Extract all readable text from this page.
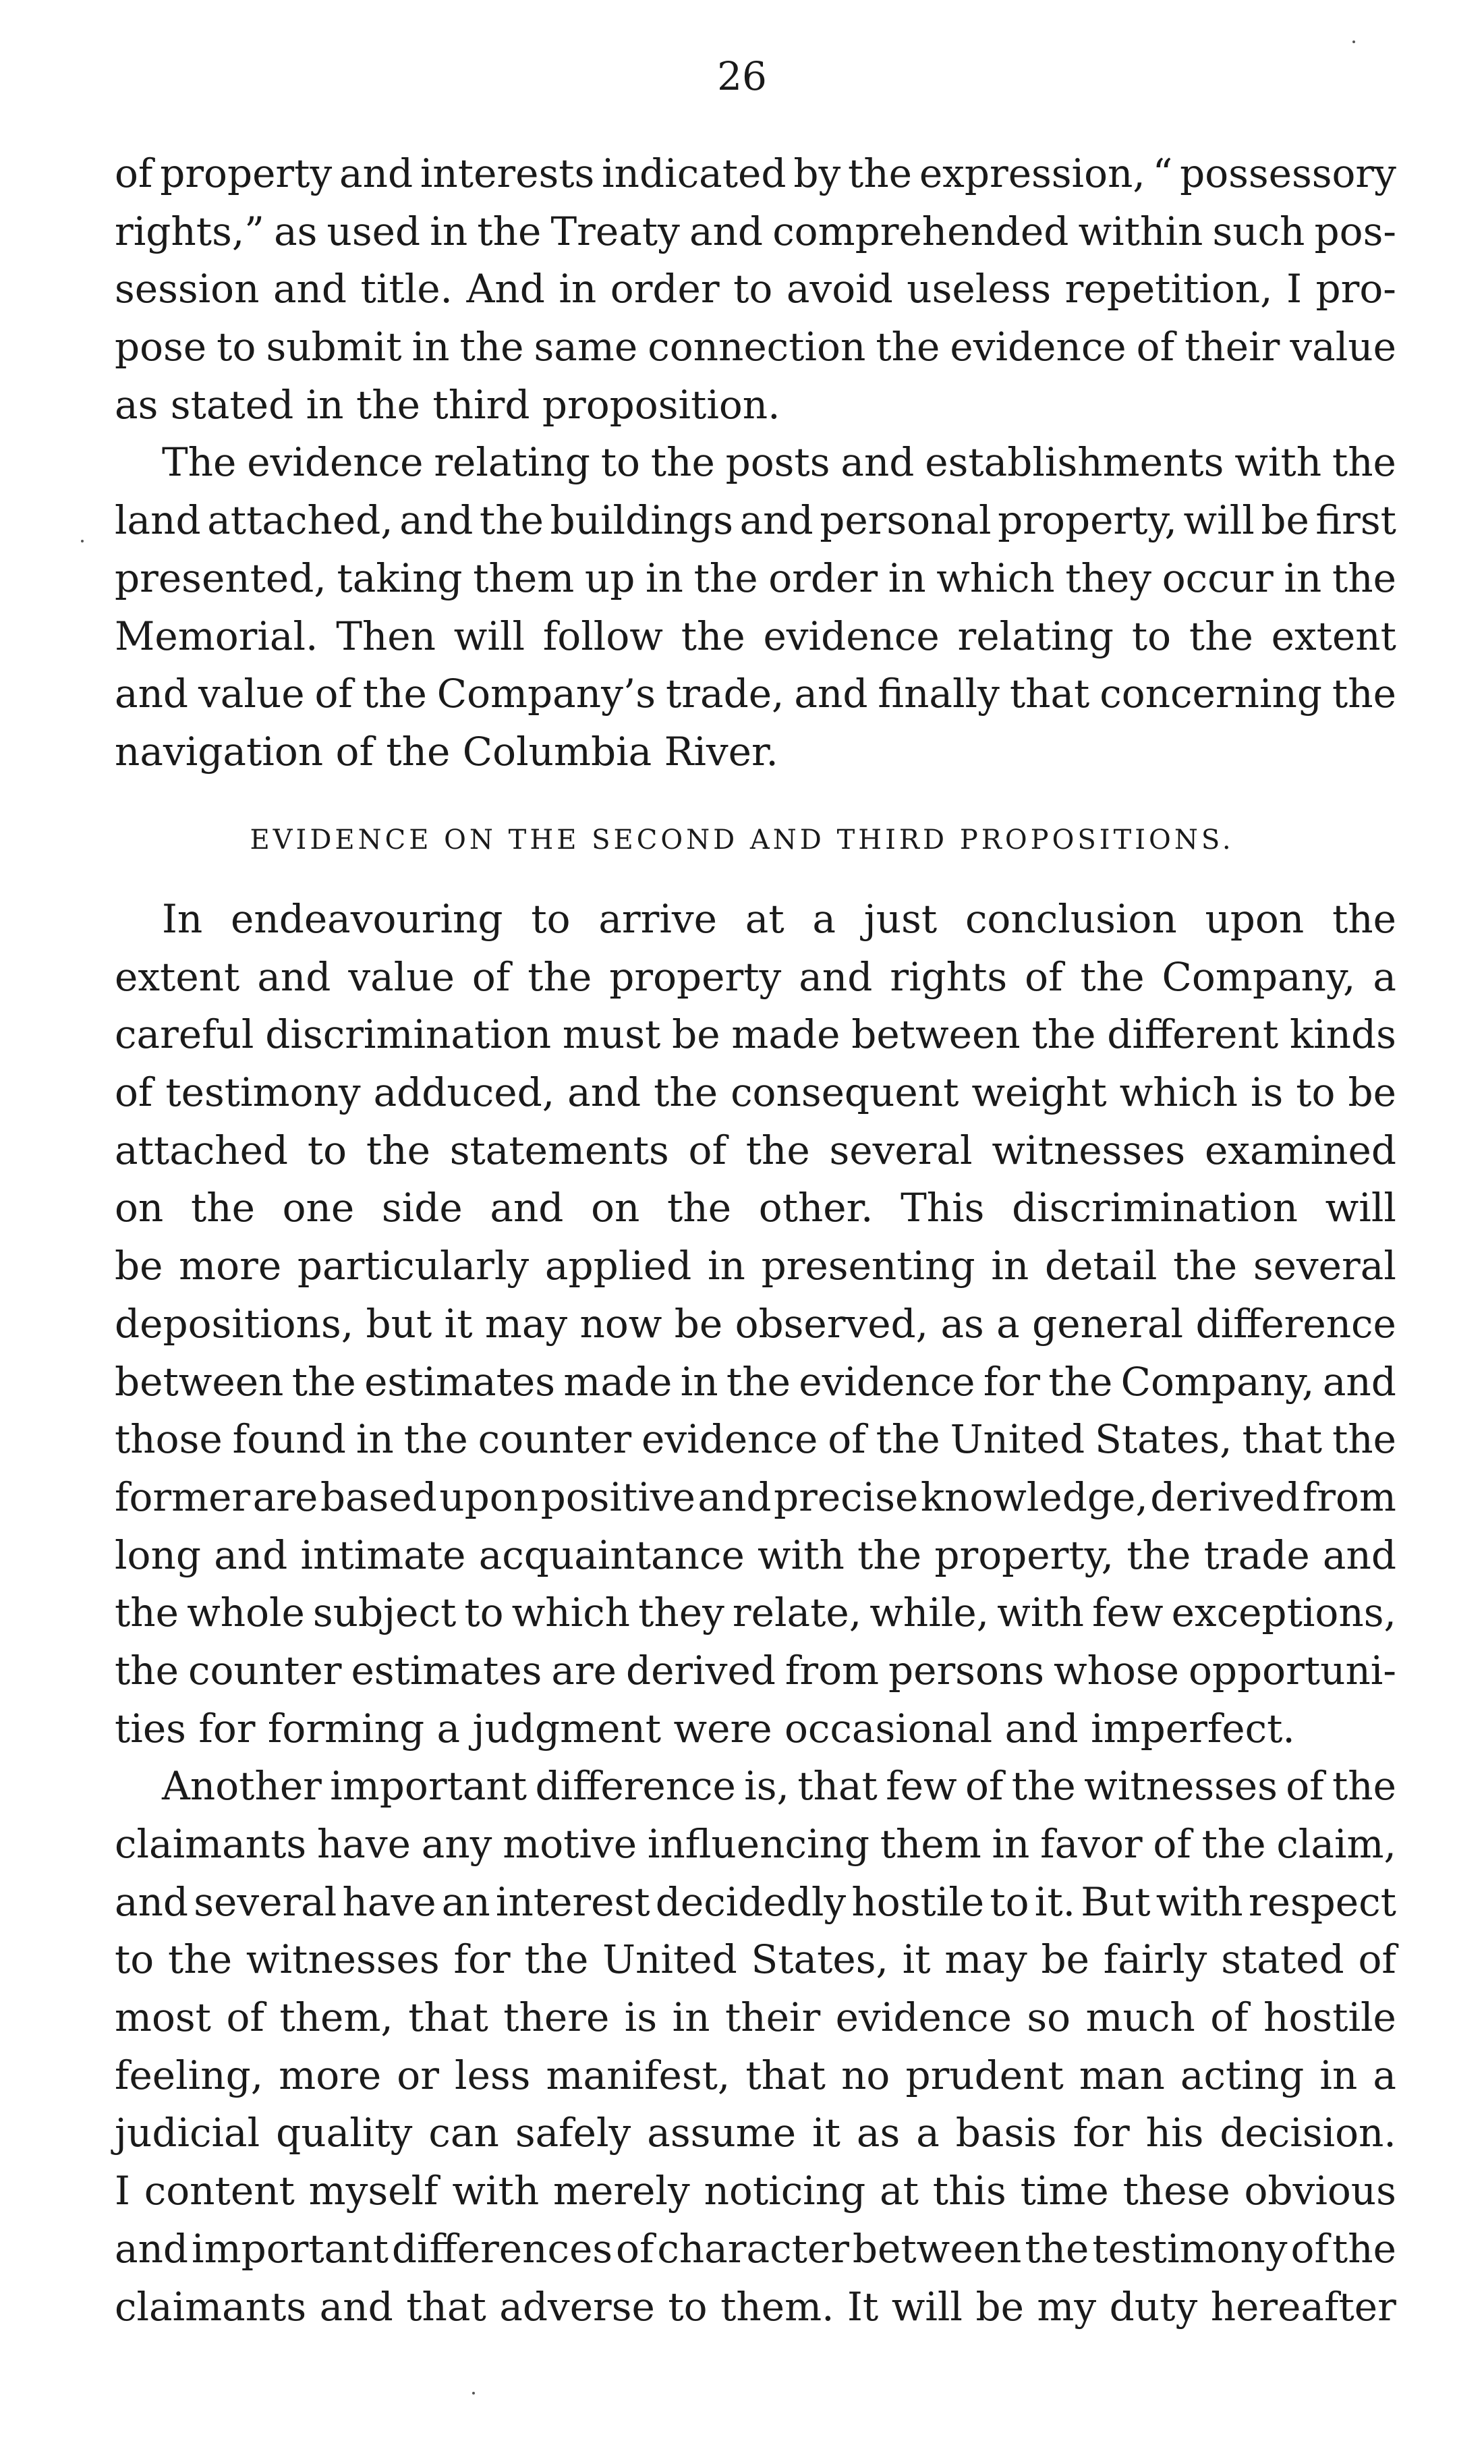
26
of property and interests indicated by the expression, “ possessory
rights,” as used in the Treaty and comprehended within such pos-
session and title. And in order to avoid useless repetition, I pro-
pose to submit in the same connection the evidence of their value
as stated in the third proposition.
The evidence relating to the posts and establishments with the
land attached, and the buildings and personal property, will be first
presented, taking them up in the order in which they occur in the
Memorial. Then will follow the evidence relating to the extent
and value of the Company’s trade, and finally that concerning the
navigation of the Columbia River.
EVIDENCE ON THE SECOND AND THIRD PROPOSITIONS.
In endeavouring to arrive at a just conclusion upon the
extent and value of the property and rights of the Company, a
careful discrimination must be made between the different kinds
of testimony adduced, and the consequent weight which is to be
attached to the statements of the several witnesses examined
on the one side and on the other. This discrimination will
be more particularly applied in presenting in detail the several
depositions, but it may now be observed, as a general difference
between the estimates made in the evidence for the Company, and
those found in the counter evidence of the United States, that the
former are based upon positive and precise knowledge, derived from
long and intimate acquaintance with the property, the trade and
the whole subject to which they relate, while, with few exceptions,
the counter estimates are derived from persons whose opportuni-
ties for forming a judgment were occasional and imperfect.
Another important difference is, that few of the witnesses of the
claimants have any motive influencing them in favor of the claim,
and several have an interest decidedly hostile to it. But with respect
to the witnesses for the United States, it may be fairly stated of
most of them, that there is in their evidence so much of hostile
feeling, more or less manifest, that no prudent man acting in a
judicial quality can safely assume it as a basis for his decision.
I content myself with merely noticing at this time these obvious
and important differences of character between the testimony of the
claimants and that adverse to them. It will be my duty hereafter
